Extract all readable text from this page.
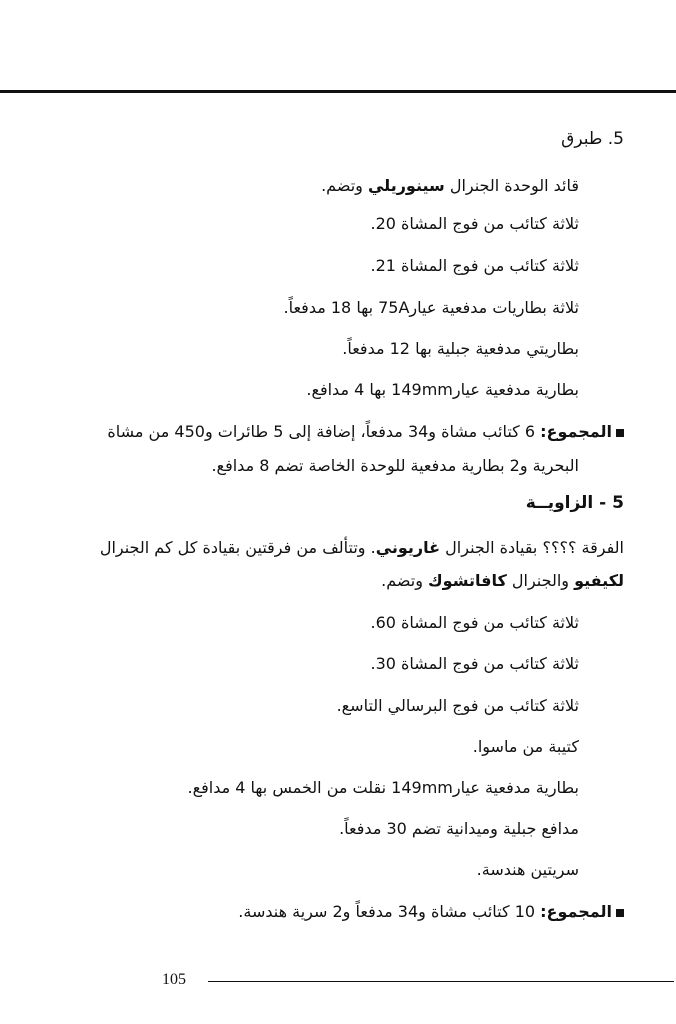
5. طبرق
قائد الوحدة الجنرال سينوريلي وتضم.
ثلاثة كتائب من فوج المشاة 20.
ثلاثة كتائب من فوج المشاة 21.
ثلاثة بطاريات مدفعية عيار75A بها 18 مدفعاً.
بطاريتي مدفعية جبلية بها 12 مدفعاً.
بطارية مدفعية عيار149mm بها 4 مدافع.
المجموع: 6 كتائب مشاة و34 مدفعاً، إضافة إلى 5 طائرات و450 من مشاة
البحرية و2 بطارية مدفعية للوحدة الخاصة تضم 8 مدافع.
5 - الزاويــة
الفرقة ؟؟؟؟ بقيادة الجنرال غاريوني. وتتألف من فرقتين بقيادة كل كم الجنرال
لكيفيو والجنرال كافاتشوك وتضم.
ثلاثة كتائب من فوج المشاة 60.
ثلاثة كتائب من فوج المشاة 30.
ثلاثة كتائب من فوج البرسالي التاسع.
كتيبة من ماسوا.
بطارية مدفعية عيار149mm نقلت من الخمس بها 4 مدافع.
مدافع جبلية وميدانية تضم 30 مدفعاً.
سريتين هندسة.
المجموع: 10 كتائب مشاة و34 مدفعاً و2 سرية هندسة.
105
